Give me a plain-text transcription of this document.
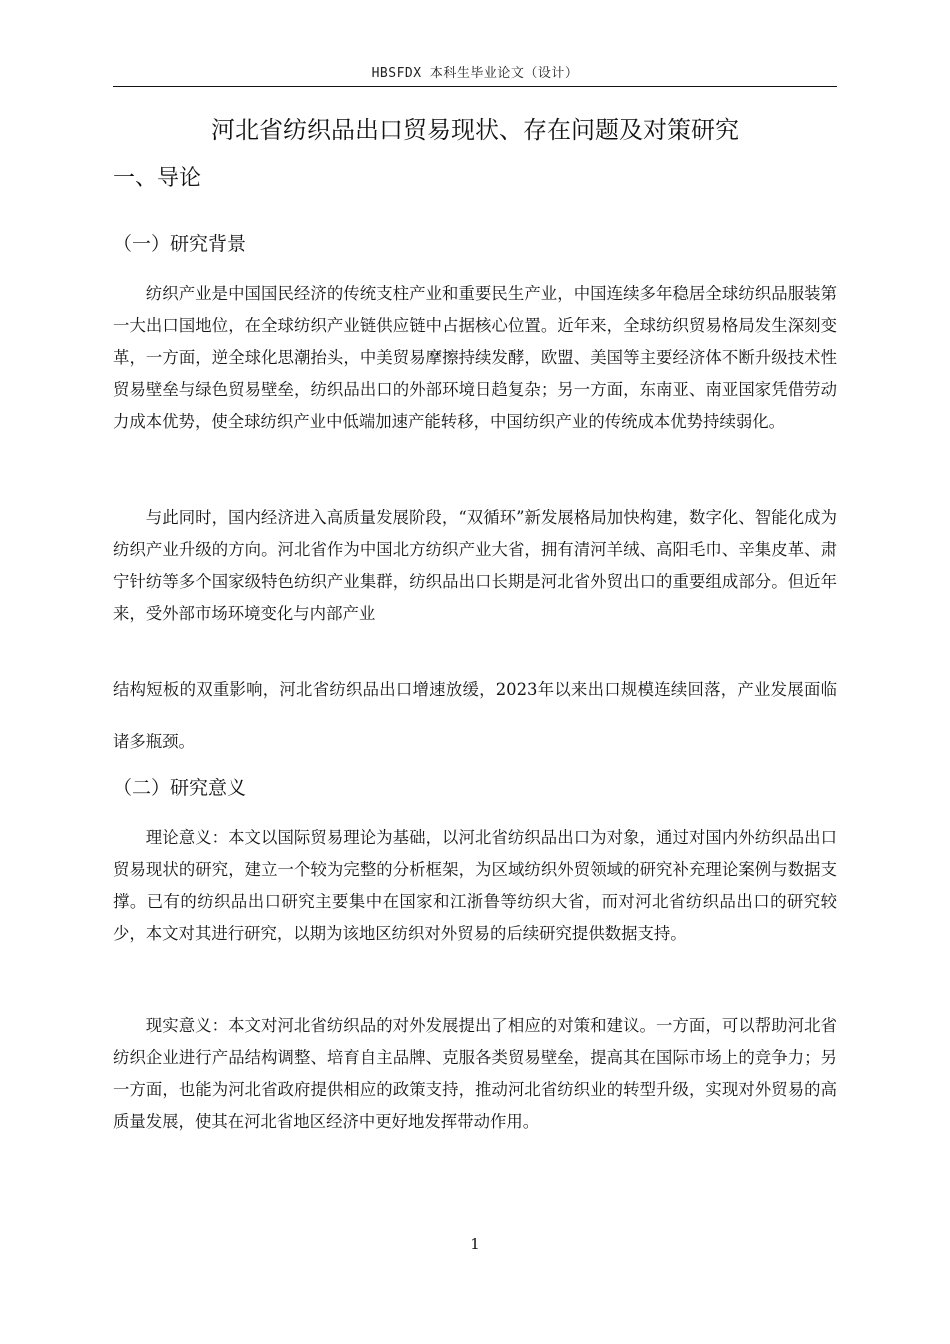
HBSFDX 本科生毕业论文（设计）
河北省纺织品出口贸易现状、存在问题及对策研究
一、导论
（一）研究背景

纺织产业是中国国民经济的传统支柱产业和重要民生产业，中国连续多年稳居全球纺织品服装第一大出口国地位，在全球纺织产业链供应链中占据核心位置。近年来，全球纺织贸易格局发生深刻变革，一方面，逆全球化思潮抬头，中美贸易摩擦持续发酵，欧盟、美国等主要经济体不断升级技术性贸易壁垒与绿色贸易壁垒，纺织品出口的外部环境日趋复杂；另一方面，东南亚、南亚国家凭借劳动力成本优势，使全球纺织产业中低端加速产能转移，中国纺织产业的传统成本优势持续弱化。

与此同时，国内经济进入高质量发展阶段，“双循环”新发展格局加快构建，数字化、智能化成为纺织产业升级的方向。河北省作为中国北方纺织产业大省，拥有清河羊绒、高阳毛巾、辛集皮革、肃宁针纺等多个国家级特色纺织产业集群，纺织品出口长期是河北省外贸出口的重要组成部分。但近年来，受外部市场环境变化与内部产业

结构短板的双重影响，河北省纺织品出口增速放缓，2023年以来出口规模连续回落，产业发展面临诸多瓶颈。

（二）研究意义

理论意义：本文以国际贸易理论为基础，以河北省纺织品出口为对象，通过对国内外纺织品出口贸易现状的研究，建立一个较为完整的分析框架，为区域纺织外贸领域的研究补充理论案例与数据支撑。已有的纺织品出口研究主要集中在国家和江浙鲁等纺织大省，而对河北省纺织品出口的研究较少，本文对其进行研究，以期为该地区纺织对外贸易的后续研究提供数据支持。

现实意义：本文对河北省纺织品的对外发展提出了相应的对策和建议。一方面，可以帮助河北省纺织企业进行产品结构调整、培育自主品牌、克服各类贸易壁垒，提高其在国际市场上的竞争力；另一方面，也能为河北省政府提供相应的政策支持，推动河北省纺织业的转型升级，实现对外贸易的高质量发展，使其在河北省地区经济中更好地发挥带动作用。

1
